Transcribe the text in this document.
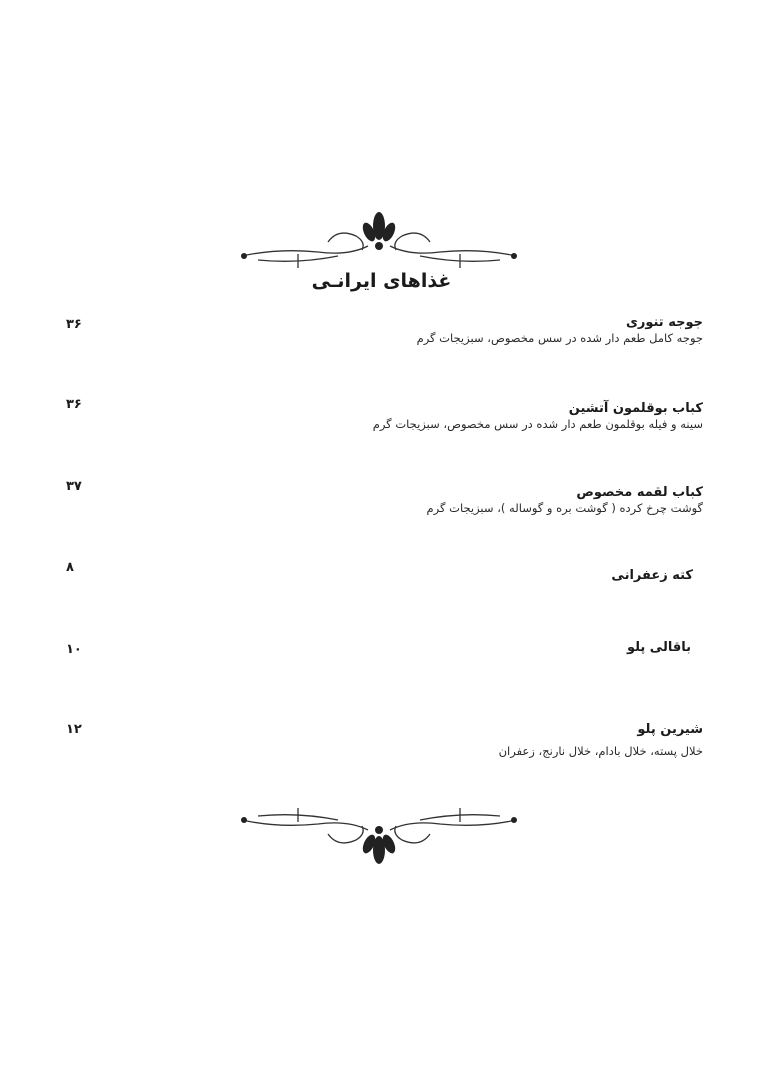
غذاهای ایرانـی
جوجه تنوری
جوجه کامل طعم دار شده در سس مخصوص، سبزیجات گرم
۳۶
کباب بوقلمون آتشین
سینه و فیله بوقلمون طعم دار شده در سس مخصوص، سبزیجات گرم
۳۶
کباب لقمه مخصوص
گوشت چرخ کرده ( گوشت بره و گوساله )، سبزیجات گرم
۳۷
کته زعفرانی
۸
باقالی پلو
۱۰
شیرین پلو
خلال پسته، خلال بادام، خلال نارنج، زعفران
۱۲
